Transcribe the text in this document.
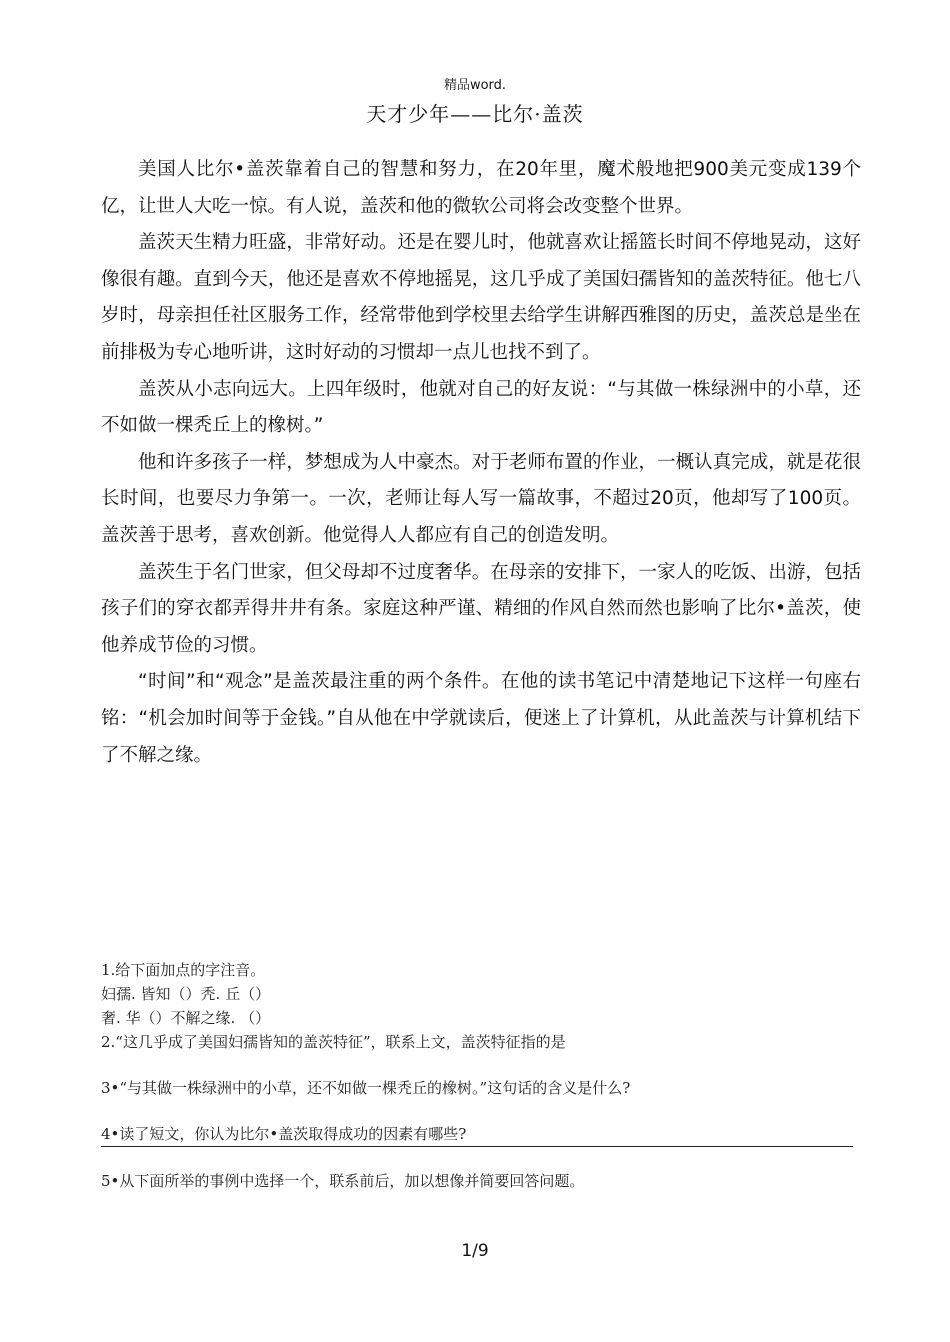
精品word.
天才少年——比尔·盖茨

美国人比尔•盖茨靠着自己的智慧和努力，在20年里，魔术般地把900美元变成139个亿，让世人大吃一惊。有人说，盖茨和他的微软公司将会改变整个世界。

盖茨天生精力旺盛，非常好动。还是在婴儿时，他就喜欢让摇篮长时间不停地晃动，这好像很有趣。直到今天，他还是喜欢不停地摇晃，这几乎成了美国妇孺皆知的盖茨特征。他七八岁时，母亲担任社区服务工作，经常带他到学校里去给学生讲解西雅图的历史，盖茨总是坐在前排极为专心地听讲，这时好动的习惯却一点儿也找不到了。

盖茨从小志向远大。上四年级时，他就对自己的好友说：“与其做一株绿洲中的小草，还不如做一棵秃丘上的橡树。”

他和许多孩子一样，梦想成为人中豪杰。对于老师布置的作业，一概认真完成，就是花很长时间，也要尽力争第一。一次，老师让每人写一篇故事，不超过20页，他却写了100页。盖茨善于思考，喜欢创新。他觉得人人都应有自己的创造发明。

盖茨生于名门世家，但父母却不过度奢华。在母亲的安排下，一家人的吃饭、出游，包括孩子们的穿衣都弄得井井有条。家庭这种严谨、精细的作风自然而然也影响了比尔•盖茨，使他养成节俭的习惯。

“时间”和“观念”是盖茨最注重的两个条件。在他的读书笔记中清楚地记下这样一句座右铭：“机会加时间等于金钱。”自从他在中学就读后，便迷上了计算机，从此盖茨与计算机结下了不解之缘。

1.给下面加点的字注音。
妇孺. 皆知（）秃. 丘（）
奢. 华（）不解之缘. （）
2.“这几乎成了美国妇孺皆知的盖茨特征”，联系上文，盖茨特征指的是
3•“与其做一株绿洲中的小草，还不如做一棵秃丘的橡树。”这句话的含义是什么?
4•读了短文，你认为比尔•盖茨取得成功的因素有哪些?
5•从下面所举的事例中选择一个，联系前后，加以想像并简要回答问题。
1/9
